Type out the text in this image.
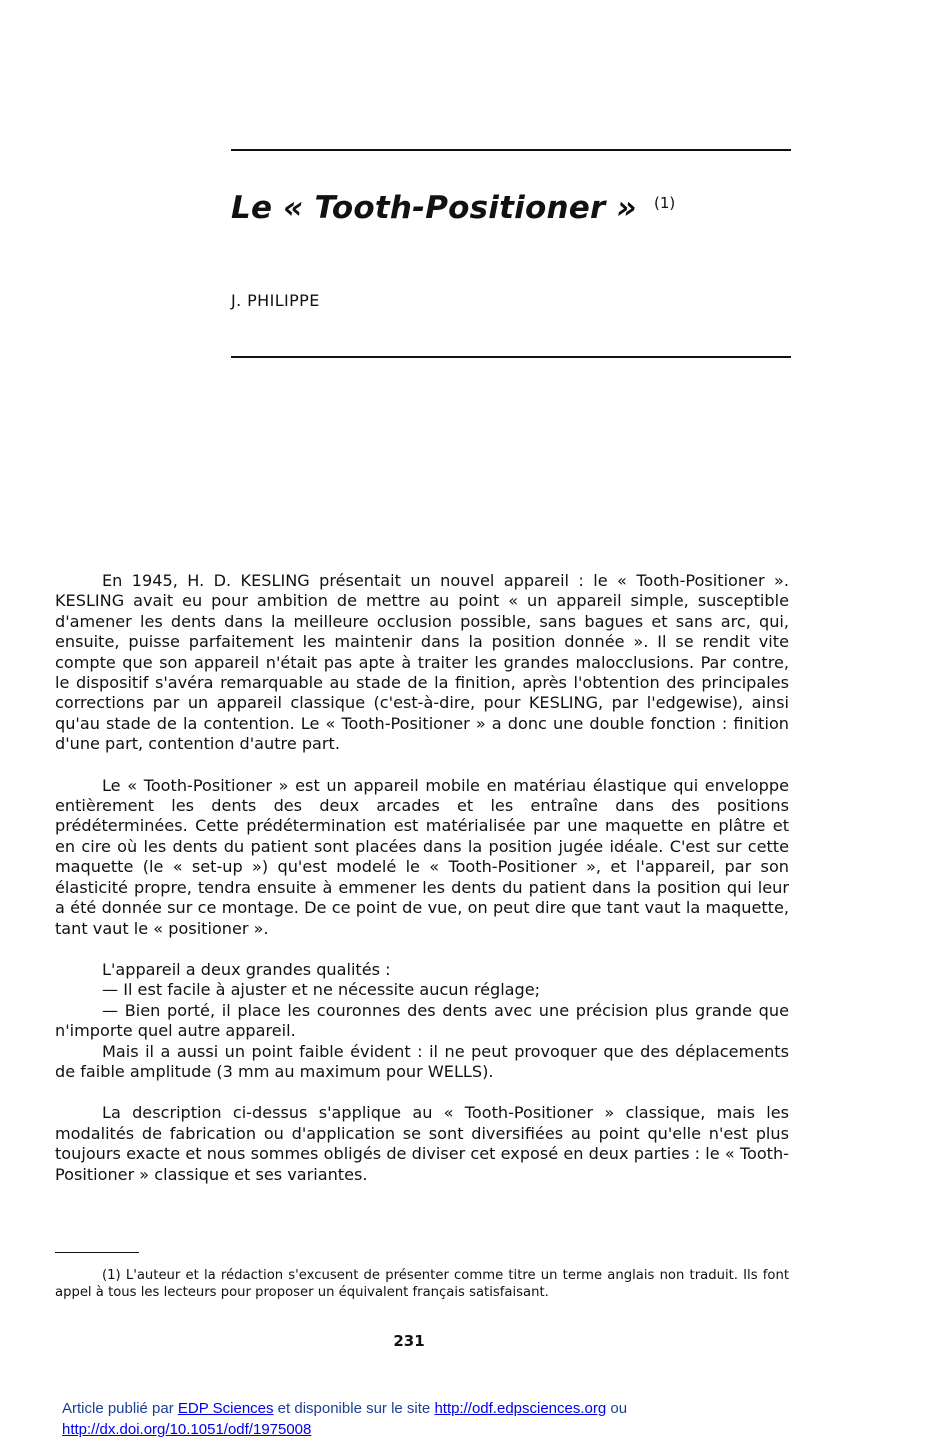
Le « Tooth-Positioner » (1)
J. PHILIPPE

En 1945, H. D. KESLING présentait un nouvel appareil : le « Tooth-Positioner ». KESLING avait eu pour ambition de mettre au point « un appareil simple, susceptible d'amener les dents dans la meilleure occlusion possible, sans bagues et sans arc, qui, ensuite, puisse parfaitement les maintenir dans la position donnée ». Il se rendit vite compte que son appareil n'était pas apte à traiter les grandes malocclusions. Par contre, le dispositif s'avéra remarquable au stade de la finition, après l'obtention des principales corrections par un appareil classique (c'est-à-dire, pour KESLING, par l'edgewise), ainsi qu'au stade de la contention. Le « Tooth-Positioner » a donc une double fonction : finition d'une part, contention d'autre part.

Le « Tooth-Positioner » est un appareil mobile en matériau élastique qui enveloppe entièrement les dents des deux arcades et les entraîne dans des positions prédéterminées. Cette prédétermination est matérialisée par une maquette en plâtre et en cire où les dents du patient sont placées dans la position jugée idéale. C'est sur cette maquette (le « set-up ») qu'est modelé le « Tooth-Positioner », et l'appareil, par son élasticité propre, tendra ensuite à emmener les dents du patient dans la position qui leur a été donnée sur ce montage. De ce point de vue, on peut dire que tant vaut la maquette, tant vaut le « positioner ».

L'appareil a deux grandes qualités :

— Il est facile à ajuster et ne nécessite aucun réglage;

— Bien porté, il place les couronnes des dents avec une précision plus grande que n'importe quel autre appareil.

Mais il a aussi un point faible évident : il ne peut provoquer que des déplacements de faible amplitude (3 mm au maximum pour WELLS).

La description ci-dessus s'applique au « Tooth-Positioner » classique, mais les modalités de fabrication ou d'application se sont diversifiées au point qu'elle n'est plus toujours exacte et nous sommes obligés de diviser cet exposé en deux parties : le « Tooth-Positioner » classique et ses variantes.

(1) L'auteur et la rédaction s'excusent de présenter comme titre un terme anglais non traduit. Ils font appel à tous les lecteurs pour proposer un équivalent français satisfaisant.
231
Article publié par EDP Sciences et disponible sur le site http://odf.edpsciences.org ou
http://dx.doi.org/10.1051/odf/1975008
